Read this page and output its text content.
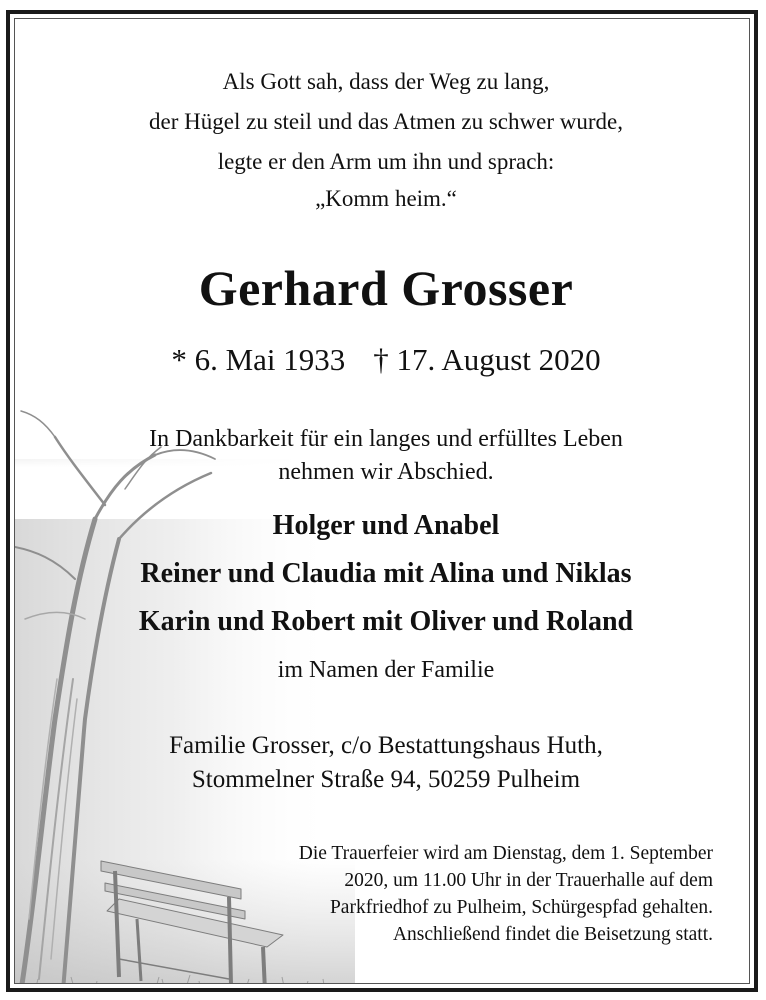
Als Gott sah, dass der Weg zu lang,
der Hügel zu steil und das Atmen zu schwer wurde,
legte er den Arm um ihn und sprach:
„Komm heim.“
Gerhard Grosser
* 6. Mai 1933 † 17. August 2020
In Dankbarkeit für ein langes und erfülltes Leben
nehmen wir Abschied.
Holger und Anabel
Reiner und Claudia mit Alina und Niklas
Karin und Robert mit Oliver und Roland
im Namen der Familie
Familie Grosser, c/o Bestattungshaus Huth,
Stommelner Straße 94, 50259 Pulheim
Die Trauerfeier wird am Dienstag, dem 1. September
2020, um 11.00 Uhr in der Trauerhalle auf dem
Parkfriedhof zu Pulheim, Schürgespfad gehalten.
Anschließend findet die Beisetzung statt.
